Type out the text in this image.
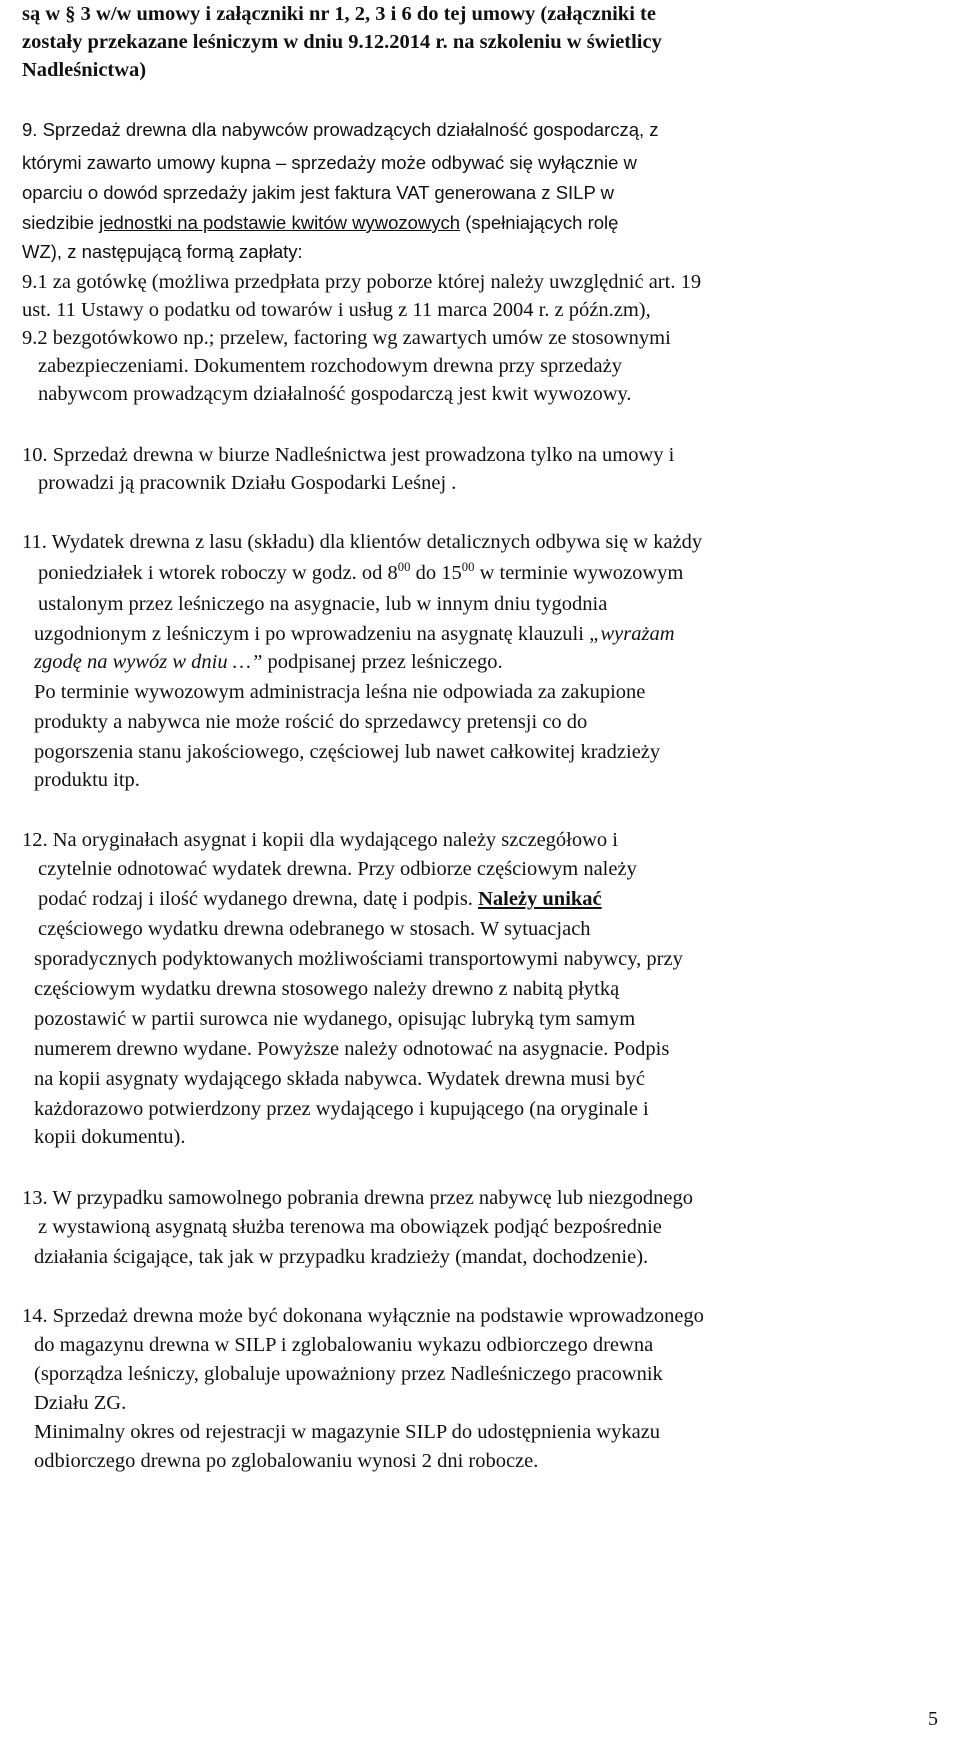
są w § 3 w/w umowy i załączniki nr 1, 2, 3 i 6 do tej umowy (załączniki te
zostały przekazane leśniczym w dniu 9.12.2014 r. na szkoleniu w świetlicy
Nadleśnictwa)
9. Sprzedaż drewna dla nabywców prowadzących działalność gospodarczą, z
którymi zawarto umowy kupna – sprzedaży może odbywać się wyłącznie w
oparciu o dowód sprzedaży jakim jest faktura VAT generowana z SILP w
siedzibie jednostki na podstawie kwitów wywozowych (spełniających rolę
WZ), z następującą formą zapłaty:
9.1 za gotówkę (możliwa przedpłata przy poborze której należy uwzględnić art. 19
ust. 11 Ustawy o podatku od towarów i usług z 11 marca 2004 r. z późn.zm),
9.2 bezgotówkowo np.; przelew, factoring wg zawartych umów ze stosownymi
zabezpieczeniami. Dokumentem rozchodowym drewna przy sprzedaży
nabywcom prowadzącym działalność gospodarczą jest kwit wywozowy.
10. Sprzedaż drewna w biurze Nadleśnictwa jest prowadzona tylko na umowy i
prowadzi ją pracownik Działu Gospodarki Leśnej .
11. Wydatek drewna z lasu (składu) dla klientów detalicznych odbywa się w każdy
poniedziałek i wtorek roboczy w godz. od $8^{00}$ do $15^{00}$ w terminie wywozowym
ustalonym przez leśniczego na asygnacie, lub w innym dniu tygodnia
uzgodnionym z leśniczym i po wprowadzeniu na asygnatę klauzuli „wyrażam
zgodę na wywóz w dniu …” podpisanej przez leśniczego.
Po terminie wywozowym administracja leśna nie odpowiada za zakupione
produkty a nabywca nie może rościć do sprzedawcy pretensji co do
pogorszenia stanu jakościowego, częściowej lub nawet całkowitej kradzieży
produktu itp.
12. Na oryginałach asygnat i kopii dla wydającego należy szczegółowo i
czytelnie odnotować wydatek drewna. Przy odbiorze częściowym należy
podać rodzaj i ilość wydanego drewna, datę i podpis. Należy unikać
częściowego wydatku drewna odebranego w stosach. W sytuacjach
sporadycznych podyktowanych możliwościami transportowymi nabywcy, przy
częściowym wydatku drewna stosowego należy drewno z nabitą płytką
pozostawić w partii surowca nie wydanego, opisując lubryką tym samym
numerem drewno wydane. Powyższe należy odnotować na asygnacie. Podpis
na kopii asygnaty wydającego składa nabywca. Wydatek drewna musi być
każdorazowo potwierdzony przez wydającego i kupującego (na oryginale i
kopii dokumentu).
13. W przypadku samowolnego pobrania drewna przez nabywcę lub niezgodnego
z wystawioną asygnatą służba terenowa ma obowiązek podjąć bezpośrednie
działania ścigające, tak jak w przypadku kradzieży (mandat, dochodzenie).
14. Sprzedaż drewna może być dokonana wyłącznie na podstawie wprowadzonego
do magazynu drewna w SILP i zglobalowaniu wykazu odbiorczego drewna
(sporządza leśniczy, globaluje upoważniony przez Nadleśniczego pracownik
Działu ZG.
Minimalny okres od rejestracji w magazynie SILP do udostępnienia wykazu
odbiorczego drewna po zglobalowaniu wynosi 2 dni robocze.
5
